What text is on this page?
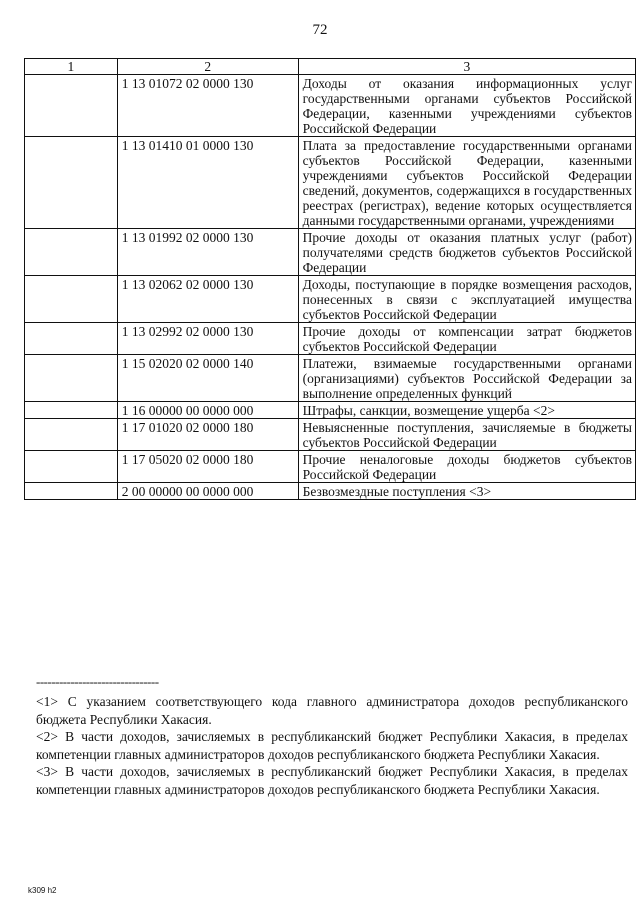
72
1	2	3
	1 13 01072 02 0000 130	Доходы от оказания информационных услуг государственными органами субъектов Российской Федерации, казенными учреждениями субъектов Российской Федерации
	1 13 01410 01 0000 130	Плата за предоставление государственными органами субъектов Российской Федерации, казенными учреждениями субъектов Российской Федерации сведений, документов, содержащихся в государственных реестрах (регистрах), ведение которых осуществляется данными государственными органами, учреждениями
	1 13 01992 02 0000 130	Прочие доходы от оказания платных услуг (работ) получателями средств бюджетов субъектов Российской Федерации
	1 13 02062 02 0000 130	Доходы, поступающие в порядке возмещения расходов, понесенных в связи с эксплуатацией имущества субъектов Российской Федерации
	1 13 02992 02 0000 130	Прочие доходы от компенсации затрат бюджетов субъектов Российской Федерации
	1 15 02020 02 0000 140	Платежи, взимаемые государственными органами (организациями) субъектов Российской Федерации за выполнение определенных функций
	1 16 00000 00 0000 000	Штрафы, санкции, возмещение ущерба <2>
	1 17 01020 02 0000 180	Невыясненные поступления, зачисляемые в бюджеты субъектов Российской Федерации
	1 17 05020 02 0000 180	Прочие неналоговые доходы бюджетов субъектов Российской Федерации
	2 00 00000 00 0000 000	Безвозмездные поступления <3>
--------------------------------

<1> С указанием соответствующего кода главного администратора доходов республиканского бюджета Республики Хакасия.

<2> В части доходов, зачисляемых в республиканский бюджет Республики Хакасия, в пределах компетенции главных администраторов доходов республиканского бюджета Республики Хакасия.

<3> В части доходов, зачисляемых в республиканский бюджет Республики Хакасия, в пределах компетенции главных администраторов доходов республиканского бюджета Республики Хакасия.

k309 h2
